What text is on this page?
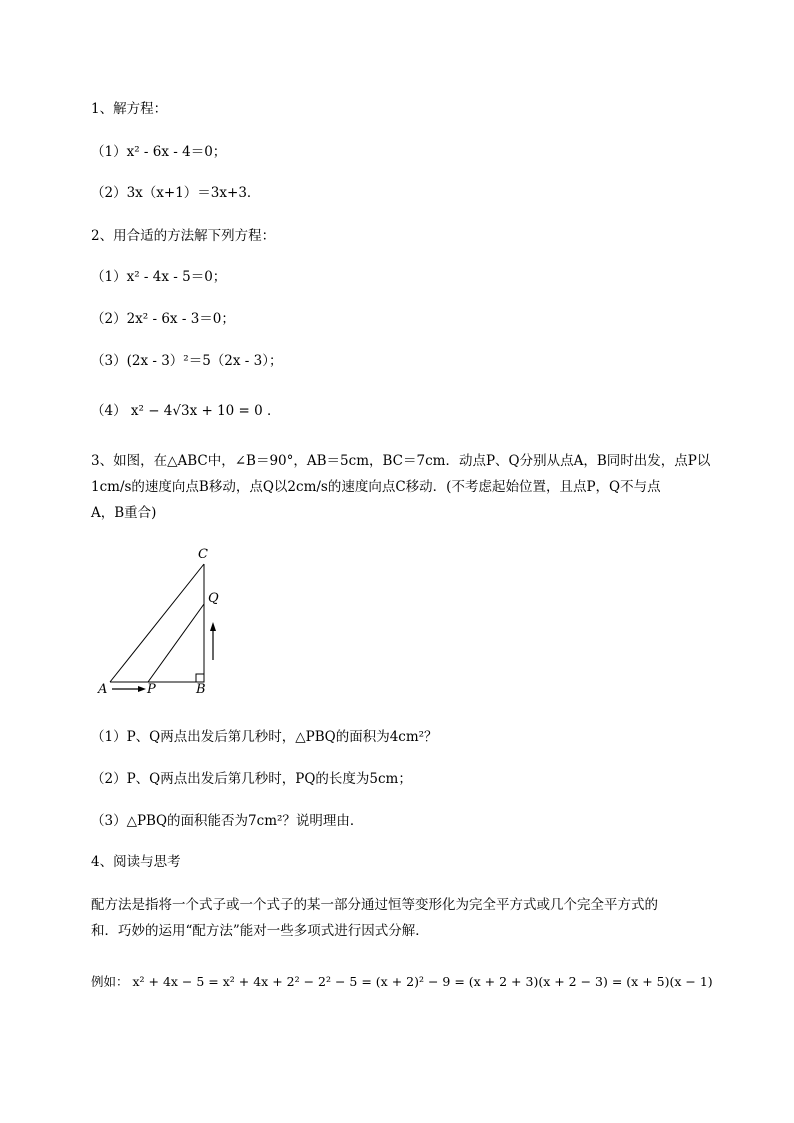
1、解方程：
（1）x² - 6x - 4＝0；
（2）3x（x+1）＝3x+3．
2、用合适的方法解下列方程：
（1）x² - 4x - 5＝0；
（2）2x² - 6x - 3＝0；
（3）(2x - 3）²＝5（2x - 3）；
（4） x² − 4√3x + 10 = 0 ．
3、如图，在△ABC中，∠B＝90°，AB＝5cm，BC＝7cm．动点P、Q分别从点A，B同时出发，点P以
1cm/s的速度向点B移动，点Q以2cm/s的速度向点C移动．(不考虑起始位置，且点P，Q不与点
A，B重合)
C
Q
A	P	B
（1）P、Q两点出发后第几秒时，△PBQ的面积为4cm²？
（2）P、Q两点出发后第几秒时，PQ的长度为5cm；
（3）△PBQ的面积能否为7cm²？说明理由．
4、阅读与思考
配方法是指将一个式子或一个式子的某一部分通过恒等变形化为完全平方式或几个完全平方式的
和．巧妙的运用“配方法”能对一些多项式进行因式分解．
例如： x² + 4x − 5 = x² + 4x + 2² − 2² − 5 = (x + 2)² − 9 = (x + 2 + 3)(x + 2 − 3) = (x + 5)(x − 1)
